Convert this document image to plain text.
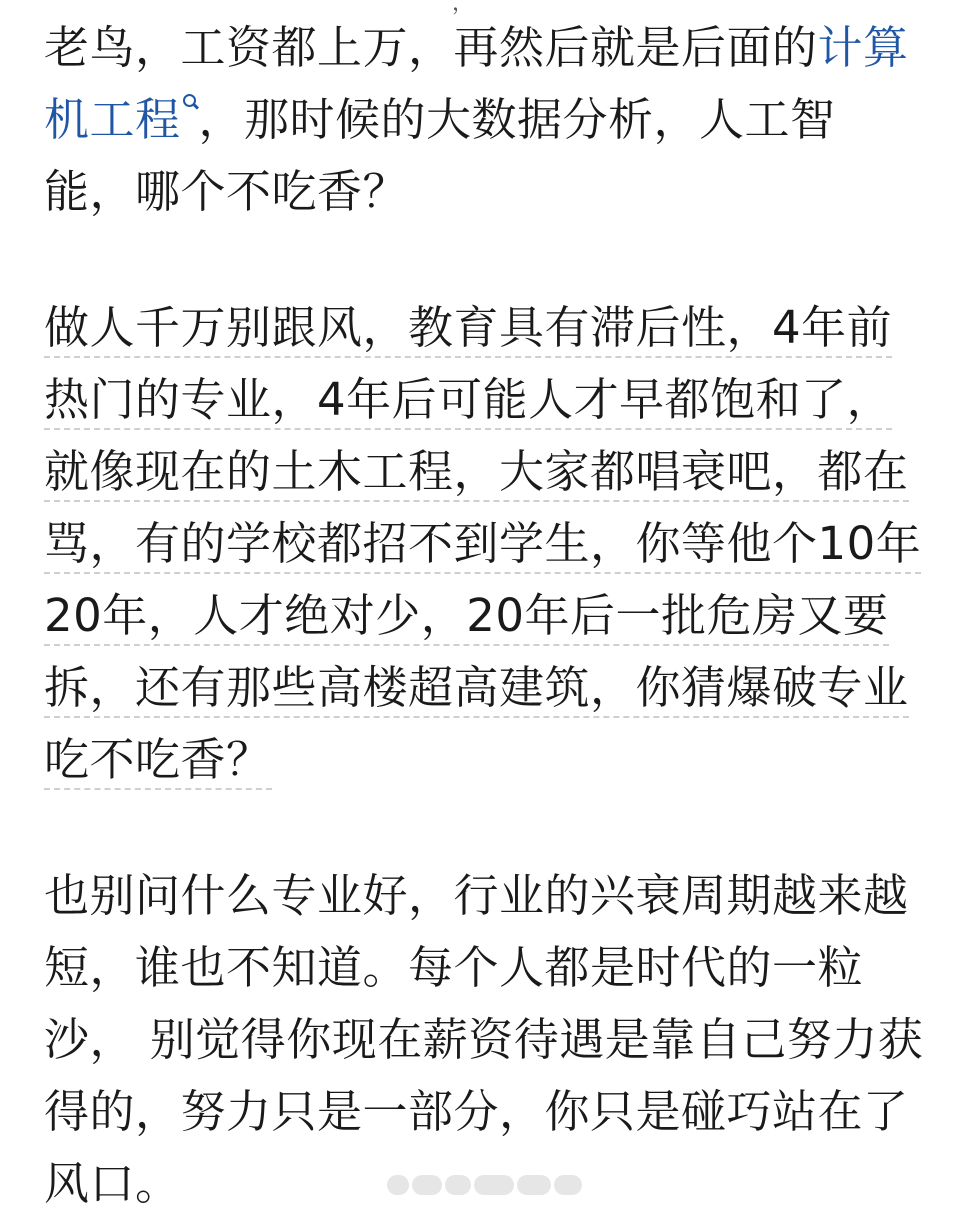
，
老鸟，工资都上万，再然后就是后面的计算
机工程 ，那时候的大数据分析，人工智
能，哪个不吃香？
做人千万别跟风，教育具有滞后性，4年前
热门的专业，4年后可能人才早都饱和了，
就像现在的土木工程，大家都唱衰吧，都在
骂，有的学校都招不到学生，你等他个10年
20年，人才绝对少，20年后一批危房又要
拆，还有那些高楼超高建筑，你猜爆破专业
吃不吃香？
也别问什么专业好，行业的兴衰周期越来越
短，谁也不知道。每个人都是时代的一粒
沙， 别觉得你现在薪资待遇是靠自己努力获
得的，努力只是一部分，你只是碰巧站在了
风口。
